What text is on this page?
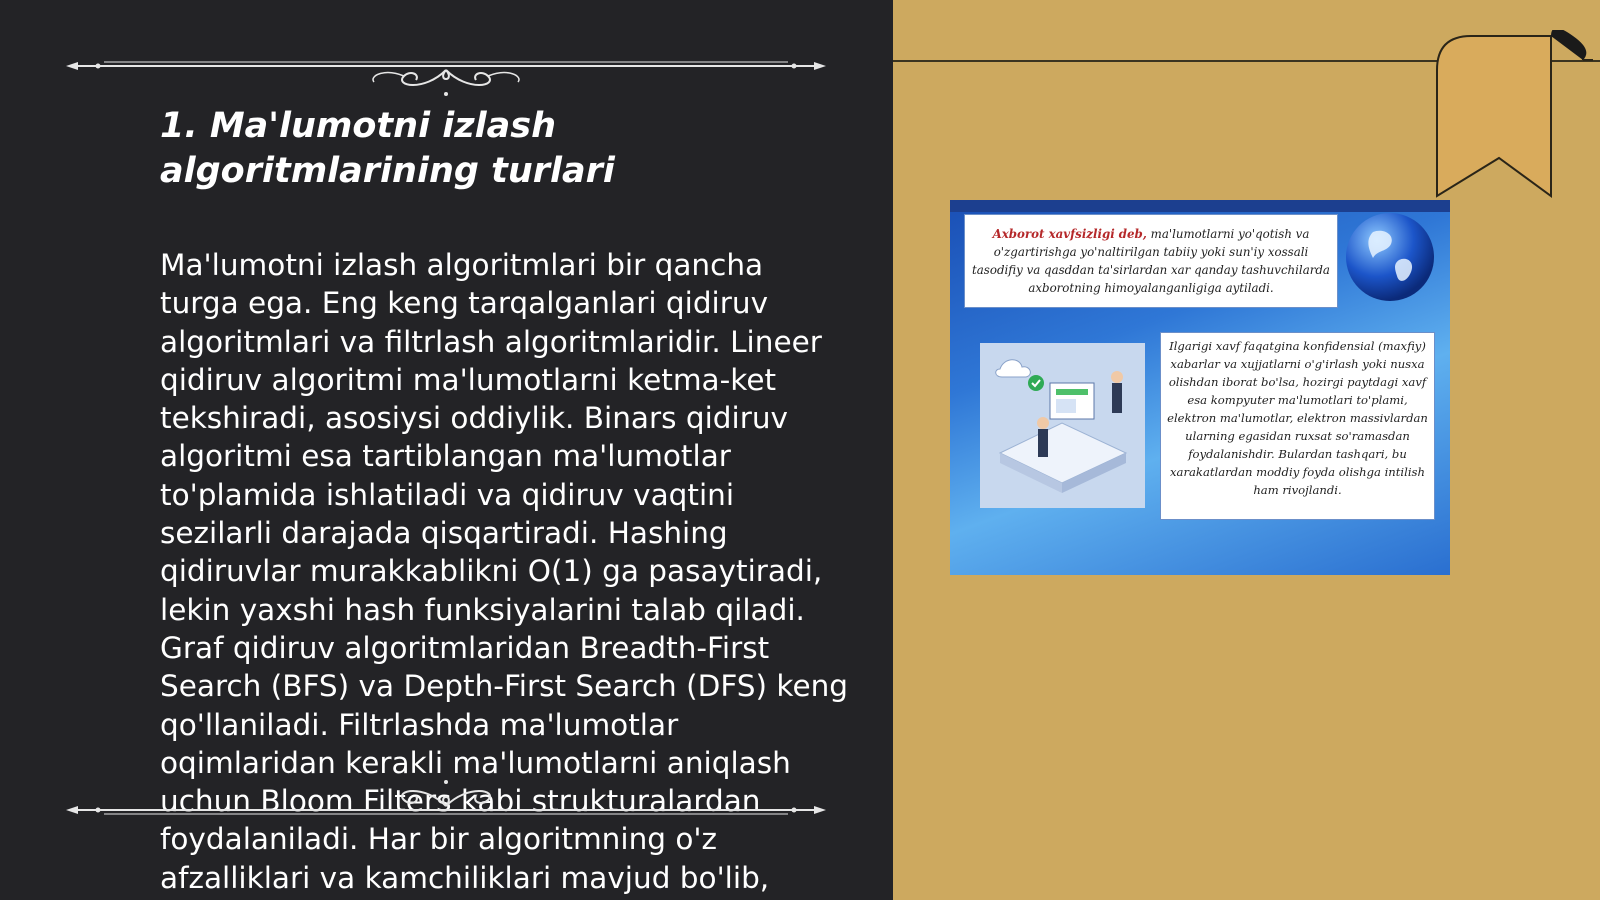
1. Ma'lumotni izlash algoritmlarining turlari

Ma'lumotni izlash algoritmlari bir qancha turga ega. Eng keng tarqalganlari qidiruv algoritmlari va filtrlash algoritmlaridir. Lineer qidiruv algoritmi ma'lumotlarni ketma-ket tekshiradi, asosiysi oddiylik. Binars qidiruv algoritmi esa tartiblangan ma'lumotlar to'plamida ishlatiladi va qidiruv vaqtini sezilarli darajada qisqartiradi. Hashing qidiruvlar murakkablikni O(1) ga pasaytiradi, lekin yaxshi hash funksiyalarini talab qiladi. Graf qidiruv algoritmlaridan Breadth-First Search (BFS) va Depth-First Search (DFS) keng qo'llaniladi. Filtrlashda ma'lumotlar oqimlaridan kerakli ma'lumotlarni aniqlash uchun Bloom Filters kabi strukturalardan foydalaniladi. Har bir algoritmning o'z afzalliklari va kamchiliklari mavjud bo'lib,

Axborot xavfsizligi deb, ma'lumotlarni yo'qotish va o'zgartirishga yo'naltirilgan tabiiy yoki sun'iy xossali tasodifiy va qasddan ta'sirlardan xar qanday tashuvchilarda axborotning himoyalanganligiga aytiladi.
Ilgarigi xavf faqatgina konfidensial (maxfiy) xabarlar va xujjatlarni o'g'irlash yoki nusxa olishdan iborat bo'lsa, hozirgi paytdagi xavf esa kompyuter ma'lumotlari to'plami, elektron ma'lumotlar, elektron massivlardan ularning egasidan ruxsat so'ramasdan foydalanishdir. Bulardan tashqari, bu xarakatlardan moddiy foyda olishga intilish ham rivojlandi.
